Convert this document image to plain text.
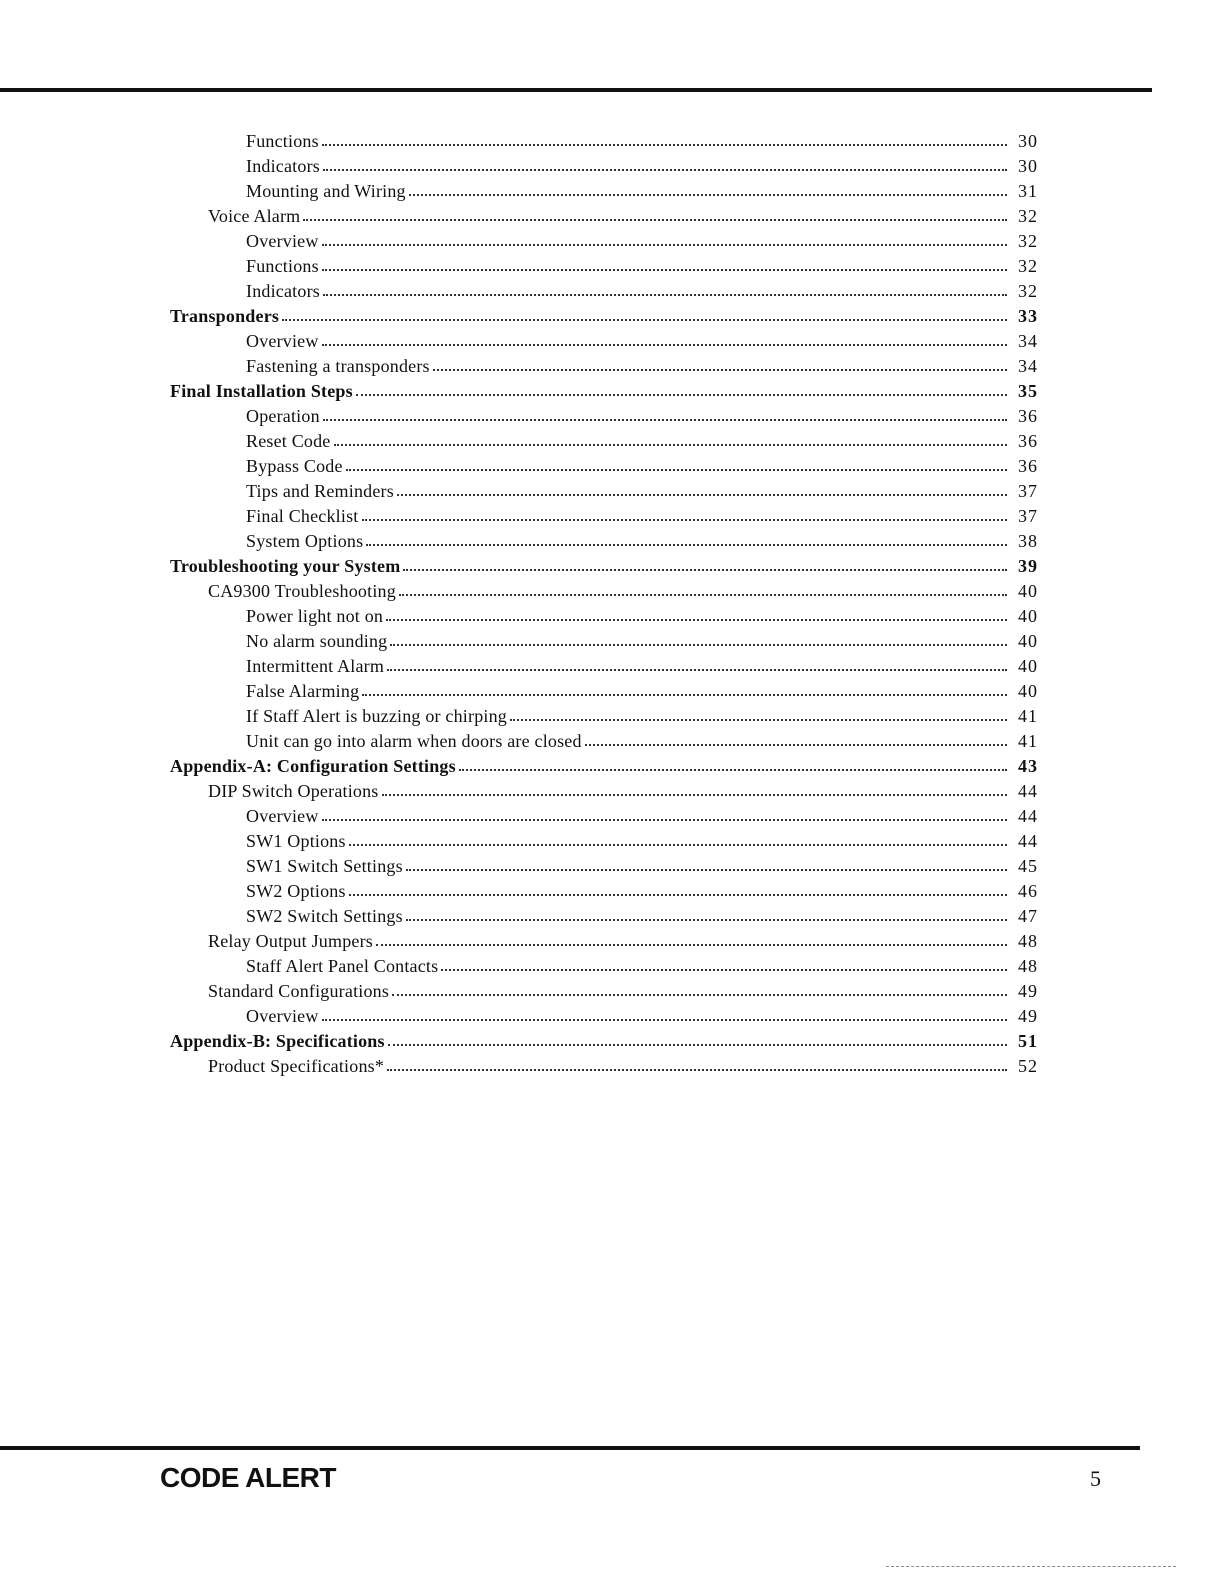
Functions	30
Indicators	30
Mounting and Wiring	31
Voice Alarm	32
Overview	32
Functions	32
Indicators	32
Transponders	33
Overview	34
Fastening a transponders	34
Final Installation Steps	35
Operation	36
Reset Code	36
Bypass Code	36
Tips and Reminders	37
Final Checklist	37
System Options	38
Troubleshooting your System	39
CA9300 Troubleshooting	40
Power light not on	40
No alarm sounding	40
Intermittent Alarm	40
False Alarming	40
If Staff Alert is buzzing or chirping	41
Unit can go into alarm when doors are closed	41
Appendix-A: Configuration Settings	43
DIP Switch Operations	44
Overview	44
SW1 Options	44
SW1 Switch Settings	45
SW2 Options	46
SW2 Switch Settings	47
Relay Output Jumpers	48
Staff Alert Panel Contacts	48
Standard Configurations	49
Overview	49
Appendix-B: Specifications	51
Product Specifications*	52
CODE ALERT	5
